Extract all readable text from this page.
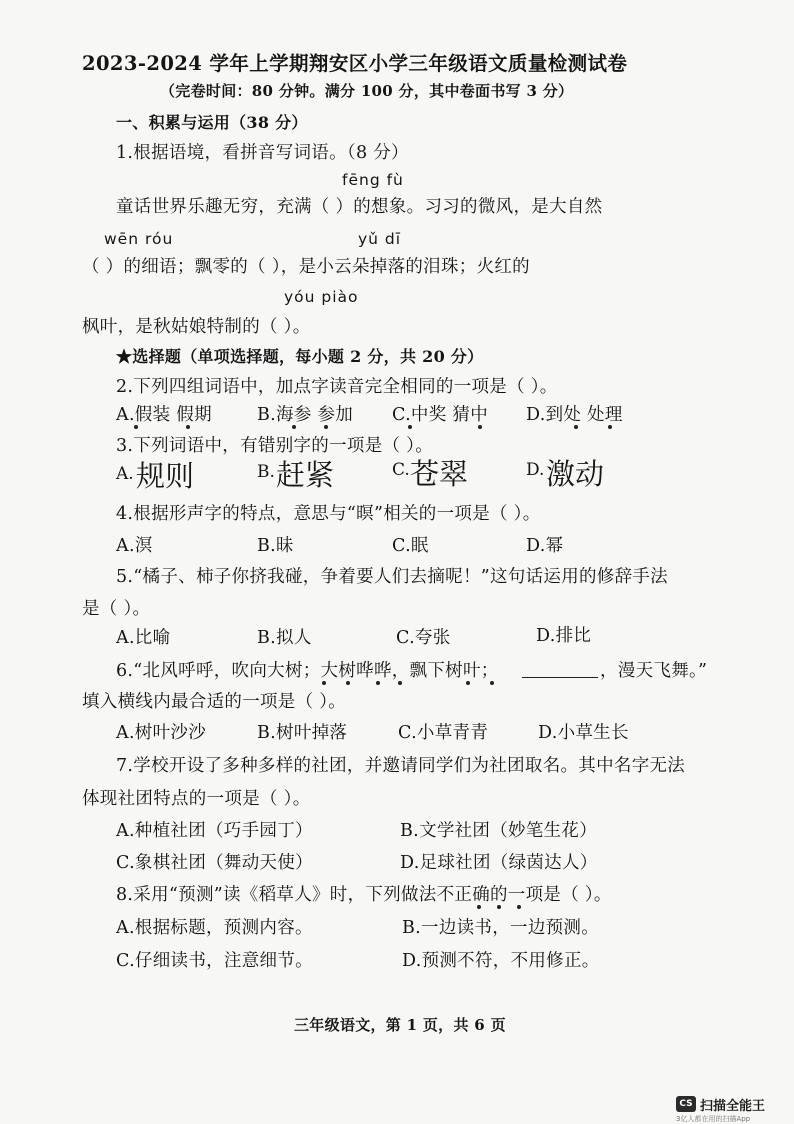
2023-2024 学年上学期翔安区小学三年级语文质量检测试卷
（完卷时间：80 分钟。满分 100 分，其中卷面书写 3 分）
一、积累与运用（38 分）
1.根据语境，看拼音写词语。（8 分）
fēng fù
童话世界乐趣无穷，充满（ ）的想象。习习的微风，是大自然
wēn róu	yǔ dī
（ ）的细语；飘零的（ ），是小云朵掉落的泪珠；火红的
yóu piào
枫叶，是秋姑娘特制的（ ）。
★选择题（单项选择题，每小题 2 分，共 20 分）
2.下列四组词语中，加点字读音完全相同的一项是（ ）。
A.假装 假期	B.海参 参加 C.中奖 猜中 D.到处 处理
3.下列词语中，有错别字的一项是（ ）。
A. 规则	B. 赶紧	C. 苍翠	D. 激动
4.根据形声字的特点，意思与“暝”相关的一项是（ ）。
A.溟	B.昧	C.眠	D.幂
5.“橘子、柿子你挤我碰，争着要人们去摘呢！”这句话运用的修辞手法
是（ ）。
A.比喻	B.拟人	C.夸张	D.排比
6.“北风呼呼，吹向大树；大树哗哗，飘下树叶；	，漫天飞舞。”
填入横线内最合适的一项是（ ）。
A.树叶沙沙	B.树叶掉落	C.小草青青	D.小草生长
7.学校开设了多种多样的社团，并邀请同学们为社团取名。其中名字无法
体现社团特点的一项是（ ）。
A.种植社团（巧手园丁）	B.文学社团（妙笔生花）
C.象棋社团（舞动天使）	D.足球社团（绿茵达人）
8.采用“预测”读《稻草人》时，下列做法不正确的一项是（ ）。
A.根据标题，预测内容。	B.一边读书，一边预测。
C.仔细读书，注意细节。	D.预测不符，不用修正。
三年级语文，第 1 页，共 6 页
CS 扫描全能王
3亿人都在用的扫描App
